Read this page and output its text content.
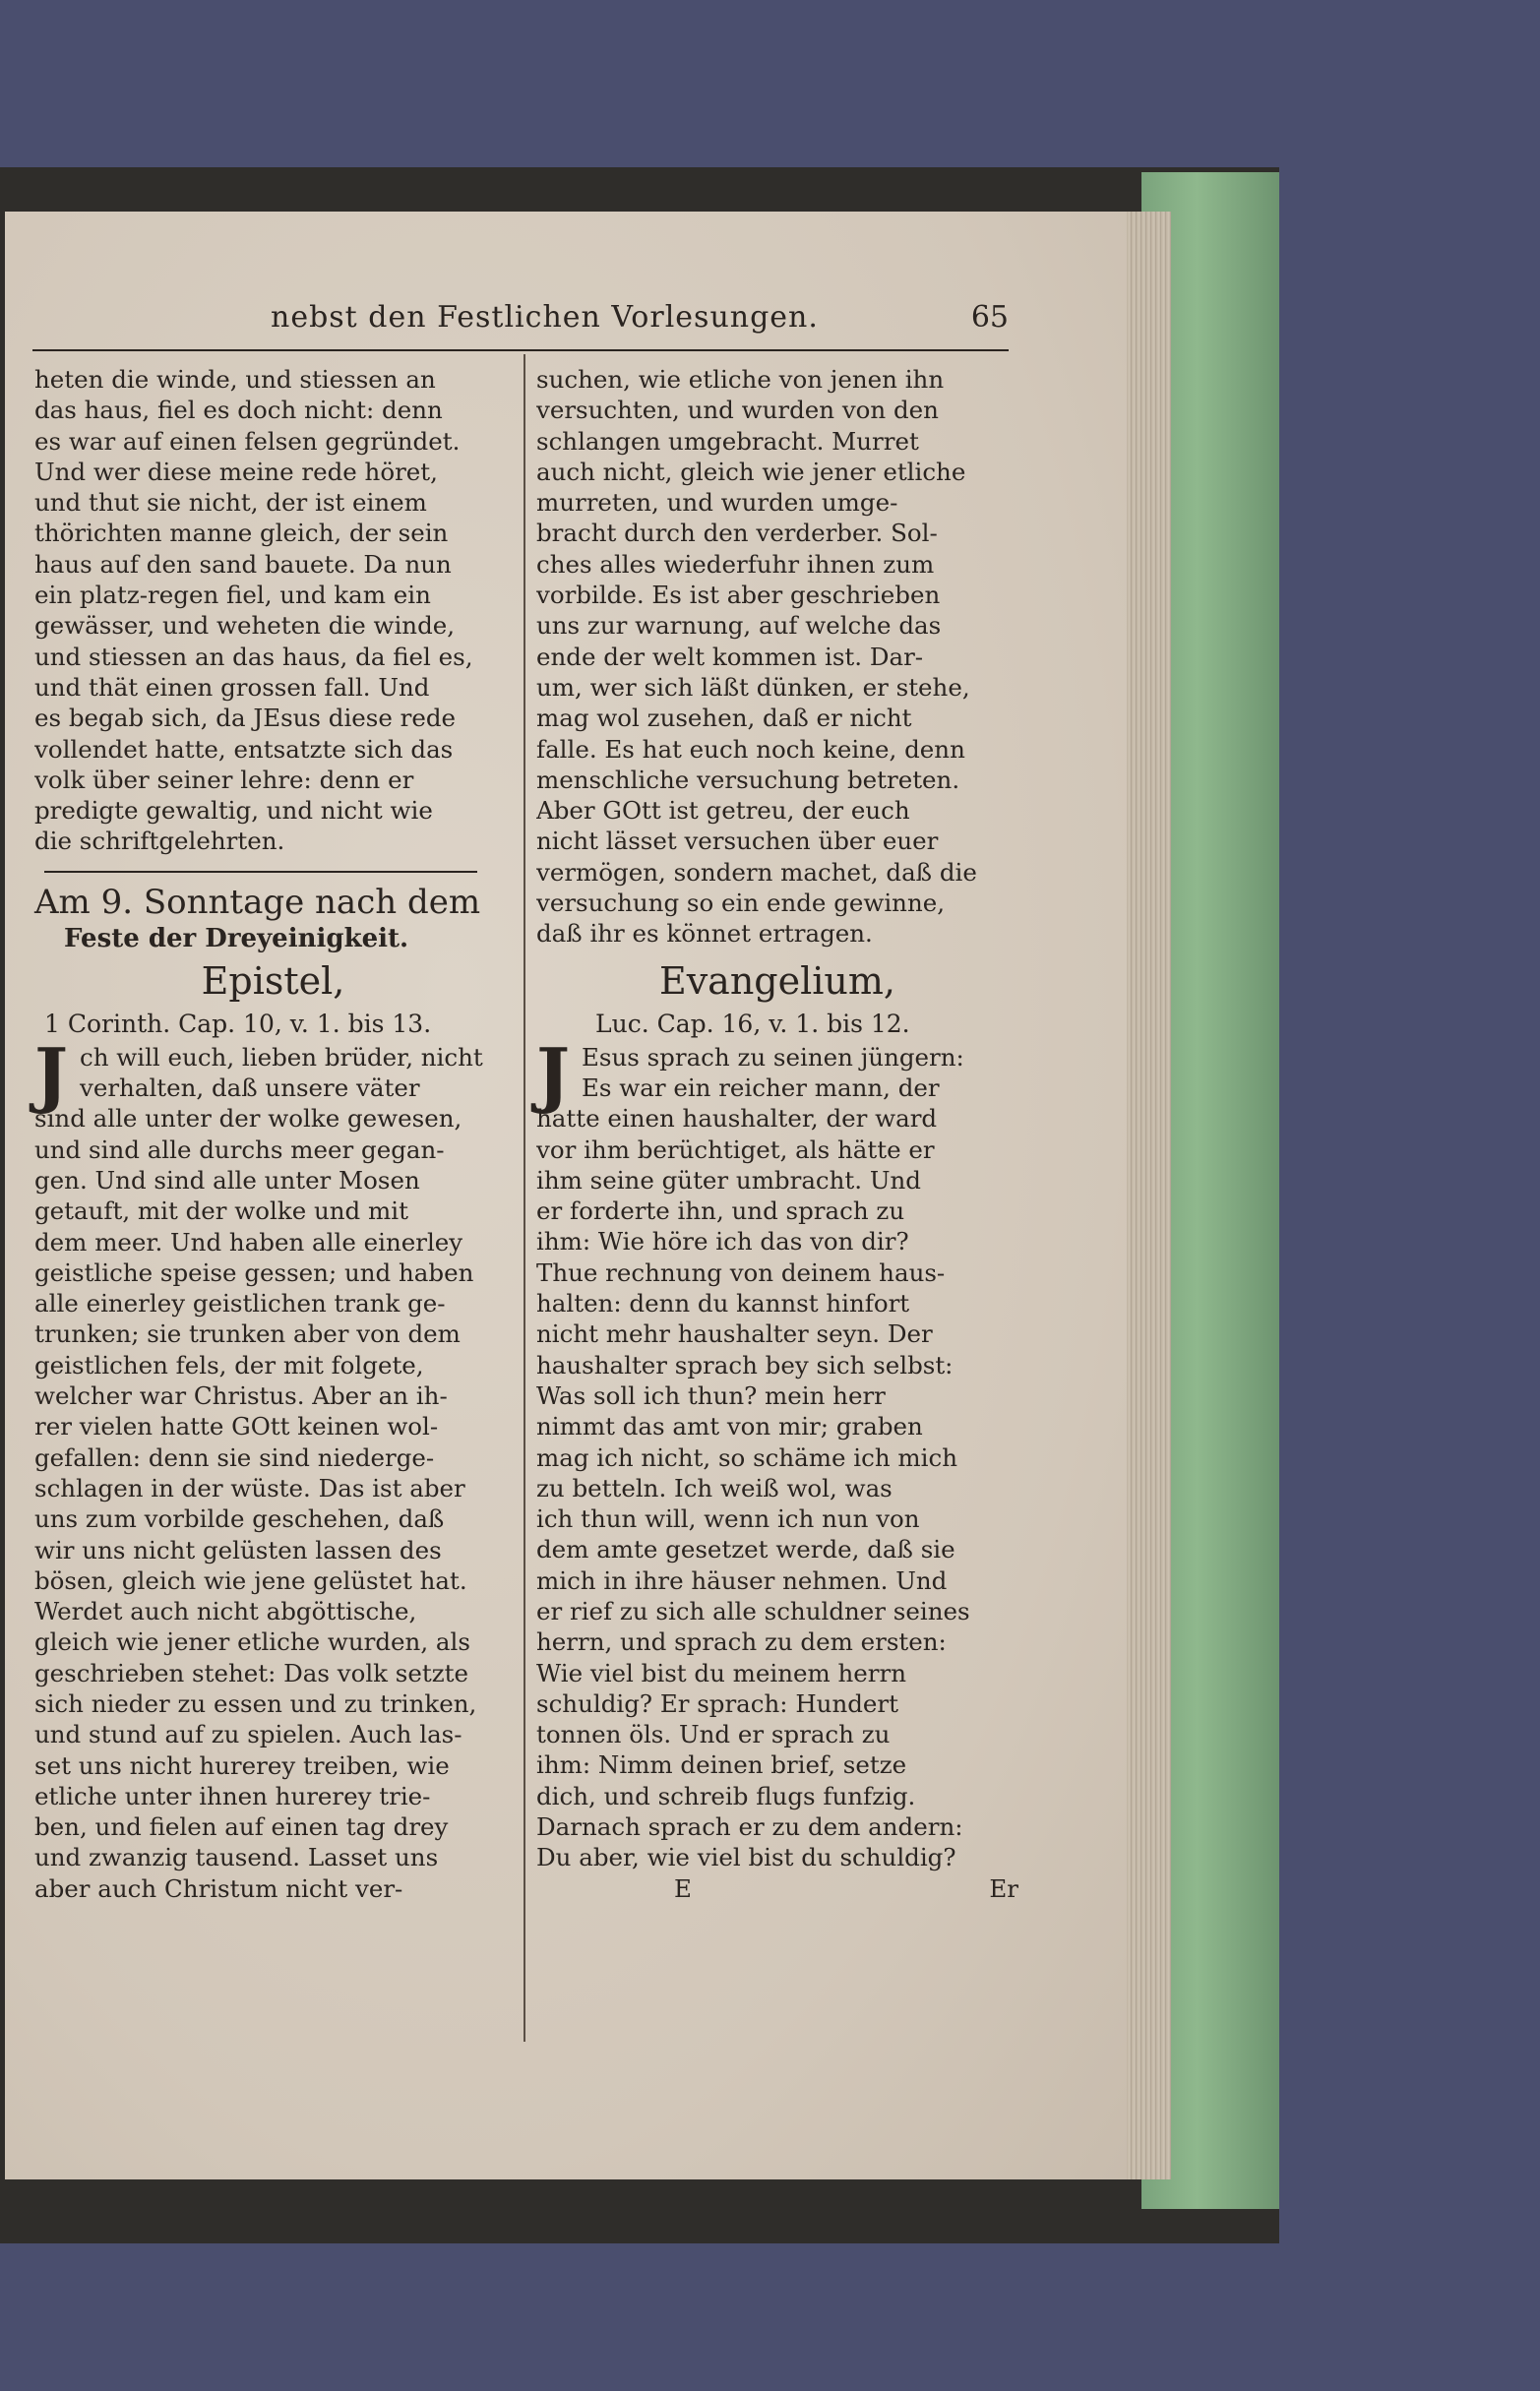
nebst den Festlichen Vorlesungen.	65
heten die winde, und stiessen an
das haus, fiel es doch nicht: denn
es war auf einen felsen gegründet.
Und wer diese meine rede höret,
und thut sie nicht, der ist einem
thörichten manne gleich, der sein
haus auf den sand bauete. Da nun
ein platz-regen fiel, und kam ein
gewässer, und weheten die winde,
und stiessen an das haus, da fiel es,
und thät einen grossen fall. Und
es begab sich, da JEsus diese rede
vollendet hatte, entsatzte sich das
volk über seiner lehre: denn er
predigte gewaltig, und nicht wie
die schriftgelehrten.
Am 9. Sonntage nach dem
Feste der Dreyeinigkeit.
Epistel,
1 Corinth. Cap. 10, v. 1. bis 13.
J ch will euch, lieben brüder, nicht
verhalten, daß unsere väter
sind alle unter der wolke gewesen,
und sind alle durchs meer gegan-
gen. Und sind alle unter Mosen
getauft, mit der wolke und mit
dem meer. Und haben alle einerley
geistliche speise gessen; und haben
alle einerley geistlichen trank ge-
trunken; sie trunken aber von dem
geistlichen fels, der mit folgete,
welcher war Christus. Aber an ih-
rer vielen hatte GOtt keinen wol-
gefallen: denn sie sind niederge-
schlagen in der wüste. Das ist aber
uns zum vorbilde geschehen, daß
wir uns nicht gelüsten lassen des
bösen, gleich wie jene gelüstet hat.
Werdet auch nicht abgöttische,
gleich wie jener etliche wurden, als
geschrieben stehet: Das volk setzte
sich nieder zu essen und zu trinken,
und stund auf zu spielen. Auch las-
set uns nicht hurerey treiben, wie
etliche unter ihnen hurerey trie-
ben, und fielen auf einen tag drey
und zwanzig tausend. Lasset uns
aber auch Christum nicht ver-
suchen, wie etliche von jenen ihn
versuchten, und wurden von den
schlangen umgebracht. Murret
auch nicht, gleich wie jener etliche
murreten, und wurden umge-
bracht durch den verderber. Sol-
ches alles wiederfuhr ihnen zum
vorbilde. Es ist aber geschrieben
uns zur warnung, auf welche das
ende der welt kommen ist. Dar-
um, wer sich läßt dünken, er stehe,
mag wol zusehen, daß er nicht
falle. Es hat euch noch keine, denn
menschliche versuchung betreten.
Aber GOtt ist getreu, der euch
nicht lässet versuchen über euer
vermögen, sondern machet, daß die
versuchung so ein ende gewinne,
daß ihr es könnet ertragen.
Evangelium,
Luc. Cap. 16, v. 1. bis 12.
J Esus sprach zu seinen jüngern:
Es war ein reicher mann, der
hatte einen haushalter, der ward
vor ihm berüchtiget, als hätte er
ihm seine güter umbracht. Und
er forderte ihn, und sprach zu
ihm: Wie höre ich das von dir?
Thue rechnung von deinem haus-
halten: denn du kannst hinfort
nicht mehr haushalter seyn. Der
haushalter sprach bey sich selbst:
Was soll ich thun? mein herr
nimmt das amt von mir; graben
mag ich nicht, so schäme ich mich
zu betteln. Ich weiß wol, was
ich thun will, wenn ich nun von
dem amte gesetzet werde, daß sie
mich in ihre häuser nehmen. Und
er rief zu sich alle schuldner seines
herrn, und sprach zu dem ersten:
Wie viel bist du meinem herrn
schuldig? Er sprach: Hundert
tonnen öls. Und er sprach zu
ihm: Nimm deinen brief, setze
dich, und schreib flugs funfzig.
Darnach sprach er zu dem andern:
Du aber, wie viel bist du schuldig?
E	Er
